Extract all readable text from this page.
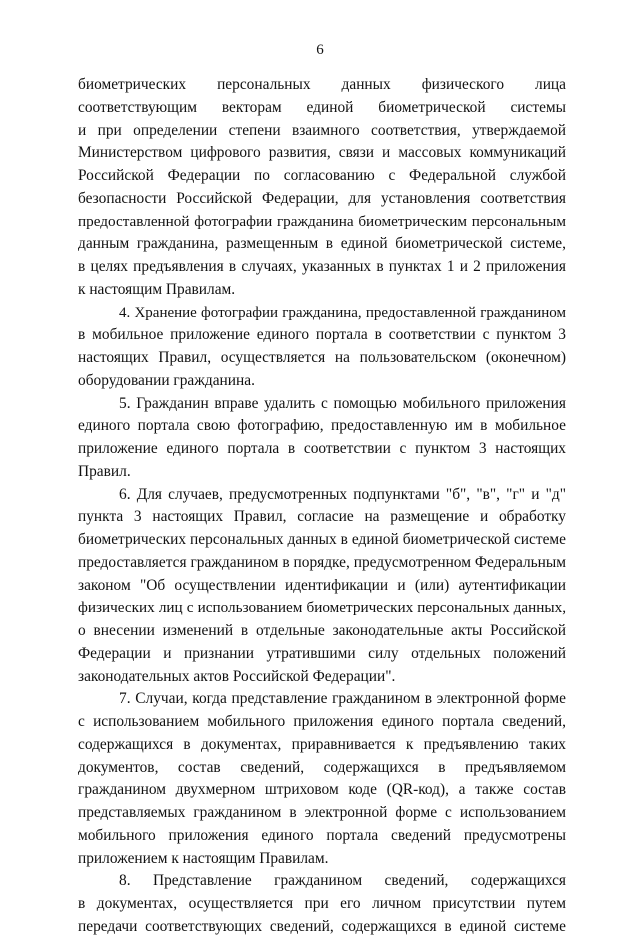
6
биометрических персональных данных физического лица
соответствующим векторам единой биометрической системы
и при определении степени взаимного соответствия, утверждаемой
Министерством цифрового развития, связи и массовых коммуникаций
Российской Федерации по согласованию с Федеральной службой
безопасности Российской Федерации, для установления соответствия
предоставленной фотографии гражданина биометрическим персональным
данным гражданина, размещенным в единой биометрической системе,
в целях предъявления в случаях, указанных в пунктах 1 и 2 приложения
к настоящим Правилам.
4. Хранение фотографии гражданина, предоставленной гражданином
в мобильное приложение единого портала в соответствии с пунктом 3
настоящих Правил, осуществляется на пользовательском (оконечном)
оборудовании гражданина.
5. Гражданин вправе удалить с помощью мобильного приложения
единого портала свою фотографию, предоставленную им в мобильное
приложение единого портала в соответствии с пунктом 3 настоящих
Правил.
6. Для случаев, предусмотренных подпунктами "б", "в", "г" и "д"
пункта 3 настоящих Правил, согласие на размещение и обработку
биометрических персональных данных в единой биометрической системе
предоставляется гражданином в порядке, предусмотренном Федеральным
законом "Об осуществлении идентификации и (или) аутентификации
физических лиц с использованием биометрических персональных данных,
о внесении изменений в отдельные законодательные акты Российской
Федерации и признании утратившими силу отдельных положений
законодательных актов Российской Федерации".
7. Случаи, когда представление гражданином в электронной форме
с использованием мобильного приложения единого портала сведений,
содержащихся в документах, приравнивается к предъявлению таких
документов, состав сведений, содержащихся в предъявляемом
гражданином двухмерном штриховом коде (QR-код), а также состав
представляемых гражданином в электронной форме с использованием
мобильного приложения единого портала сведений предусмотрены
приложением к настоящим Правилам.
8. Представление гражданином сведений, содержащихся
в документах, осуществляется при его личном присутствии путем
передачи соответствующих сведений, содержащихся в единой системе
